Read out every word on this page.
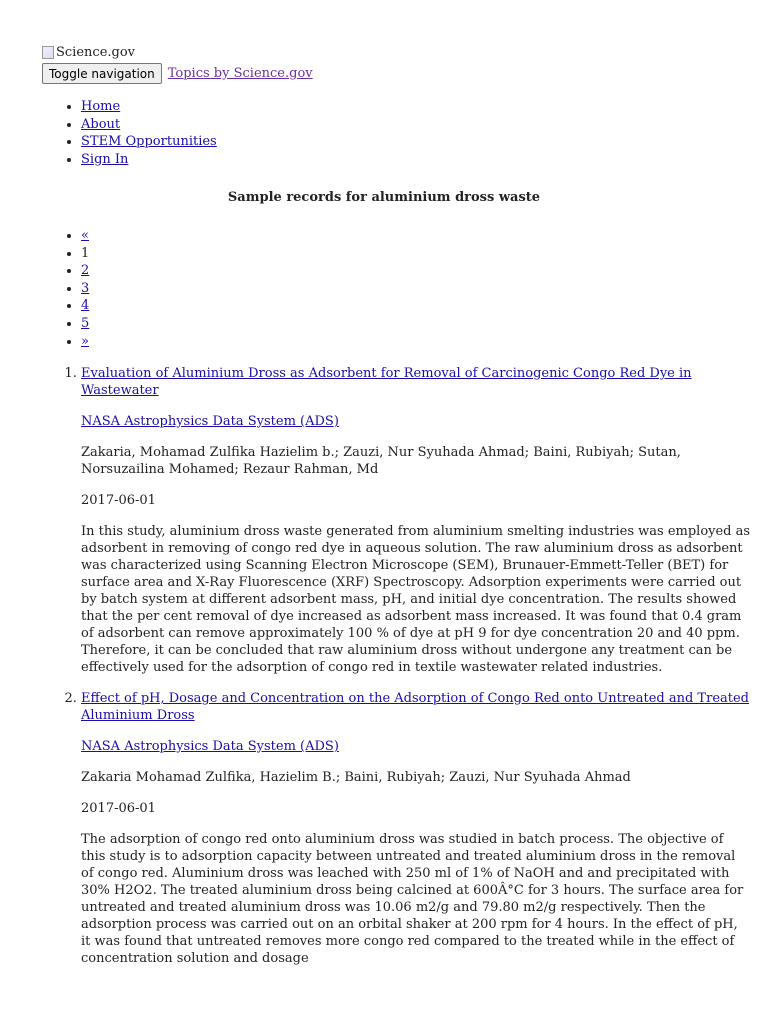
Science.gov
Toggle navigation	Topics by Science.gov
• Home
• About
• STEM Opportunities
• Sign In
Sample records for aluminium dross waste
• «
• 1
• 2
• 3
• 4
• 5
• »

1. Evaluation of Aluminium Dross as Adsorbent for Removal of Carcinogenic Congo Red Dye in Wastewater

NASA Astrophysics Data System (ADS)

Zakaria, Mohamad Zulfika Hazielim b.; Zauzi, Nur Syuhada Ahmad; Baini, Rubiyah; Sutan, Norsuzailina Mohamed; Rezaur Rahman, Md

2017-06-01

In this study, aluminium dross waste generated from aluminium smelting industries was employed as adsorbent in removing of congo red dye in aqueous solution. The raw aluminium dross as adsorbent was characterized using Scanning Electron Microscope (SEM), Brunauer-Emmett-Teller (BET) for surface area and X-Ray Fluorescence (XRF) Spectroscopy. Adsorption experiments were carried out by batch system at different adsorbent mass, pH, and initial dye concentration. The results showed that the per cent removal of dye increased as adsorbent mass increased. It was found that 0.4 gram of adsorbent can remove approximately 100 % of dye at pH 9 for dye concentration 20 and 40 ppm. Therefore, it can be concluded that raw aluminium dross without undergone any treatment can be effectively used for the adsorption of congo red in textile wastewater related industries.

2. Effect of pH, Dosage and Concentration on the Adsorption of Congo Red onto Untreated and Treated Aluminium Dross

NASA Astrophysics Data System (ADS)

Zakaria Mohamad Zulfika, Hazielim B.; Baini, Rubiyah; Zauzi, Nur Syuhada Ahmad

2017-06-01

The adsorption of congo red onto aluminium dross was studied in batch process. The objective of this study is to adsorption capacity between untreated and treated aluminium dross in the removal of congo red. Aluminium dross was leached with 250 ml of 1% of NaOH and and precipitated with 30% H2O2. The treated aluminium dross being calcined at 600Â°C for 3 hours. The surface area for untreated and treated aluminium dross was 10.06 m2/g and 79.80 m2/g respectively. Then the adsorption process was carried out on an orbital shaker at 200 rpm for 4 hours. In the effect of pH, it was found that untreated removes more congo red compared to the treated while in the effect of concentration solution and dosage
